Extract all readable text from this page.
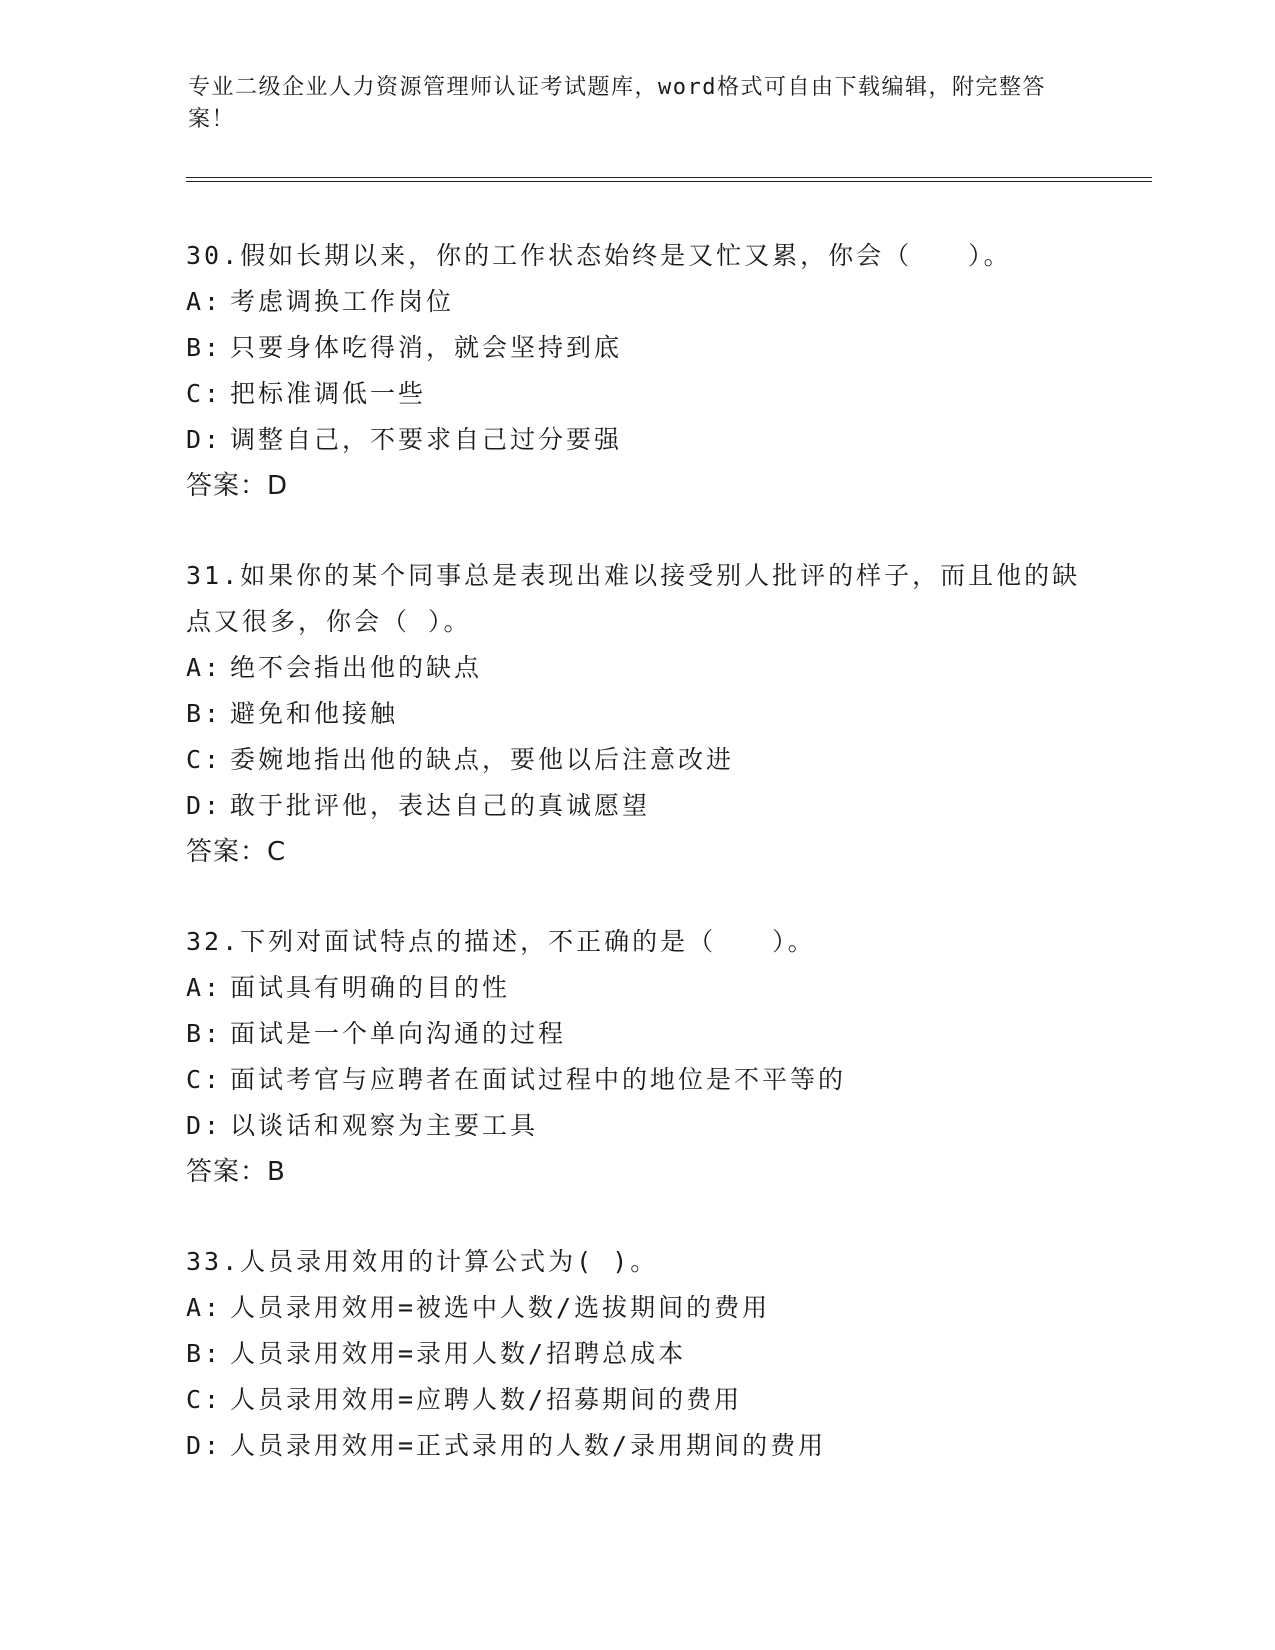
专业二级企业人力资源管理师认证考试题库，word格式可自由下载编辑，附完整答案！
30.假如长期以来，你的工作状态始终是又忙又累，你会（　　）。
A: 考虑调换工作岗位
B: 只要身体吃得消，就会坚持到底
C: 把标准调低一些
D: 调整自己，不要求自己过分要强
答案：D
31.如果你的某个同事总是表现出难以接受别人批评的样子，而且他的缺点又很多，你会（ ）。
A: 绝不会指出他的缺点
B: 避免和他接触
C: 委婉地指出他的缺点，要他以后注意改进
D: 敢于批评他，表达自己的真诚愿望
答案：C
32.下列对面试特点的描述，不正确的是（　　）。
A: 面试具有明确的目的性
B: 面试是一个单向沟通的过程
C: 面试考官与应聘者在面试过程中的地位是不平等的
D: 以谈话和观察为主要工具
答案：B
33.人员录用效用的计算公式为( )。
A: 人员录用效用=被选中人数/选拔期间的费用
B: 人员录用效用=录用人数/招聘总成本
C: 人员录用效用=应聘人数/招募期间的费用
D: 人员录用效用=正式录用的人数/录用期间的费用
